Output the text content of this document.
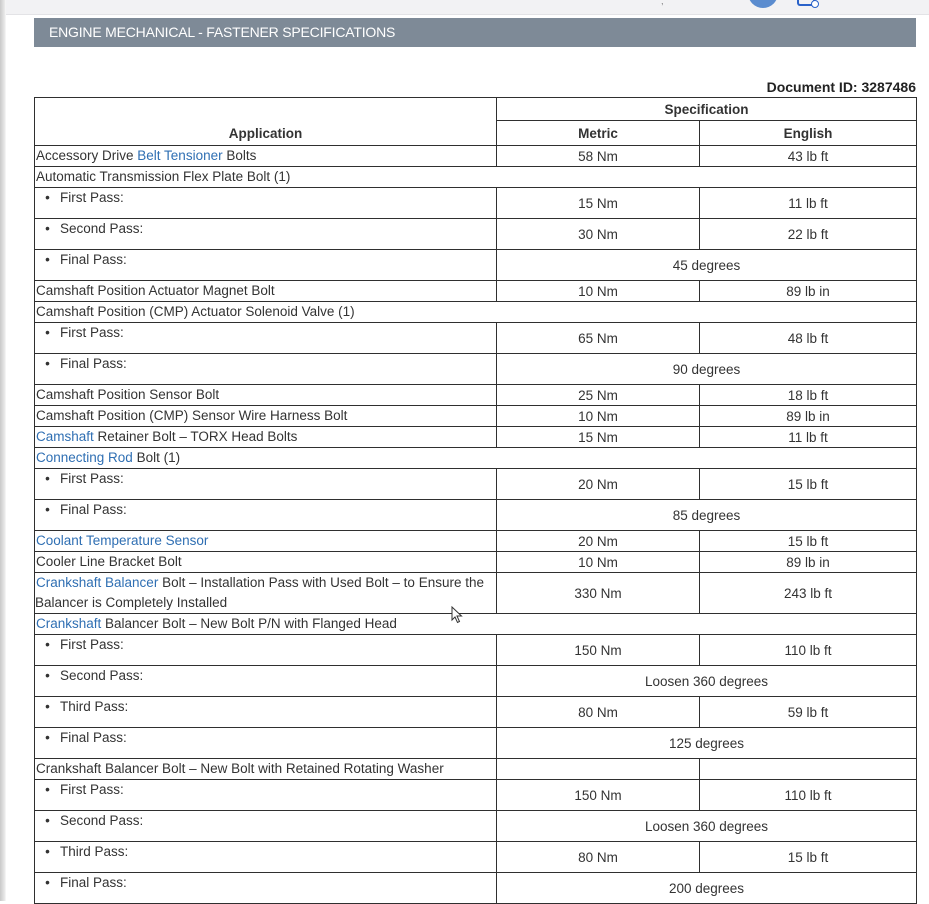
,
ENGINE MECHANICAL - FASTENER SPECIFICATIONS
Document ID: 3287486
Application	Specification	
	Metric	English
Accessory Drive Belt Tensioner Bolts	58 Nm	43 lb ft
Automatic Transmission Flex Plate Bolt (1)		

•First Pass:	15 Nm	11 lb ft

•Second Pass:	30 Nm	22 lb ft

•Final Pass:	45 degrees	
Camshaft Position Actuator Magnet Bolt	10 Nm	89 lb in
Camshaft Position (CMP) Actuator Solenoid Valve (1)		

•First Pass:	65 Nm	48 lb ft

•Final Pass:	90 degrees	
Camshaft Position Sensor Bolt	25 Nm	18 lb ft
Camshaft Position (CMP) Sensor Wire Harness Bolt	10 Nm	89 lb in
Camshaft Retainer Bolt – TORX Head Bolts	15 Nm	11 lb ft
Connecting Rod Bolt (1)		

•First Pass:	20 Nm	15 lb ft

•Final Pass:	85 degrees	
Coolant Temperature Sensor	20 Nm	15 lb ft
Cooler Line Bracket Bolt	10 Nm	89 lb in
Crankshaft Balancer Bolt – Installation Pass with Used Bolt – to Ensure the Balancer is Completely Installed	330 Nm	243 lb ft
Crankshaft Balancer Bolt – New Bolt P/N with Flanged Head		

•First Pass:	150 Nm	110 lb ft

•Second Pass:	Loosen 360 degrees	

•Third Pass:	80 Nm	59 lb ft

•Final Pass:	125 degrees	
Crankshaft Balancer Bolt – New Bolt with Retained Rotating Washer		

•First Pass:	150 Nm	110 lb ft

•Second Pass:	Loosen 360 degrees	

•Third Pass:	80 Nm	15 lb ft

•Final Pass:	200 degrees	
